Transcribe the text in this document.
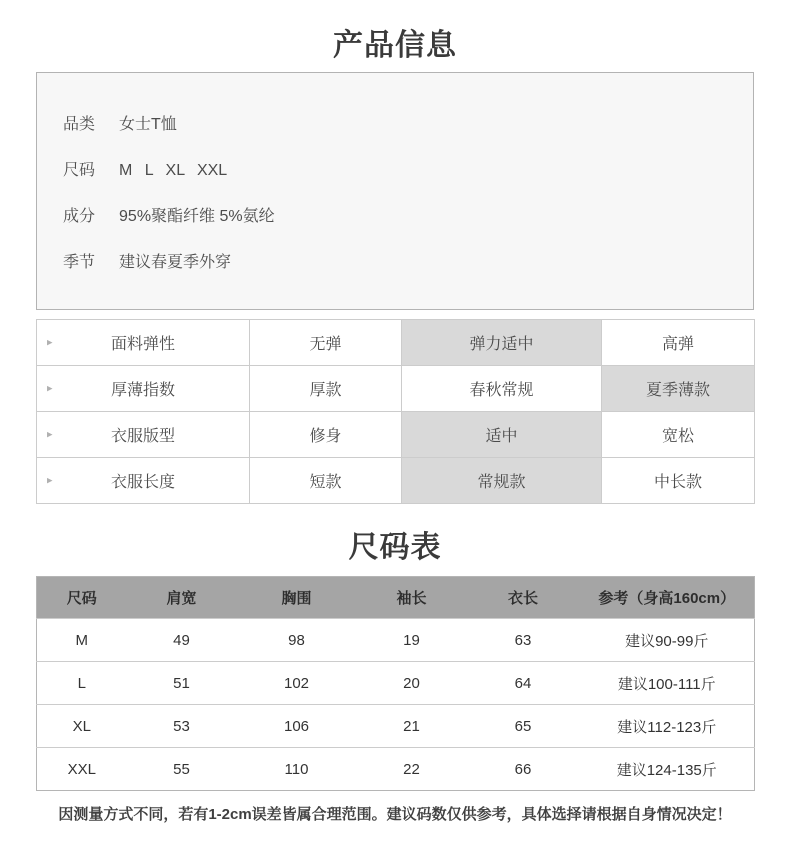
产品信息
品类 女士T恤
尺码 M L XL XXL
成分 95%聚酯纤维 5%氨纶
季节 建议春夏季外穿
▸ 面料弹性	无弹	弹力适中	高弹

▸ 厚薄指数	厚款	春秋常规	夏季薄款

▸ 衣服版型	修身	适中	宽松

▸ 衣服长度	短款	常规款	中长款
尺码表
尺码	肩宽	胸围	袖长	衣长	参考（身高160cm）
M	49	98	19	63	建议90-99斤
L	51	102	20	64	建议100-111斤
XL	53	106	21	65	建议112-123斤
XXL	55	110	22	66	建议124-135斤
因测量方式不同，若有1-2cm误差皆属合理范围。建议码数仅供参考，具体选择请根据自身情况决定！
